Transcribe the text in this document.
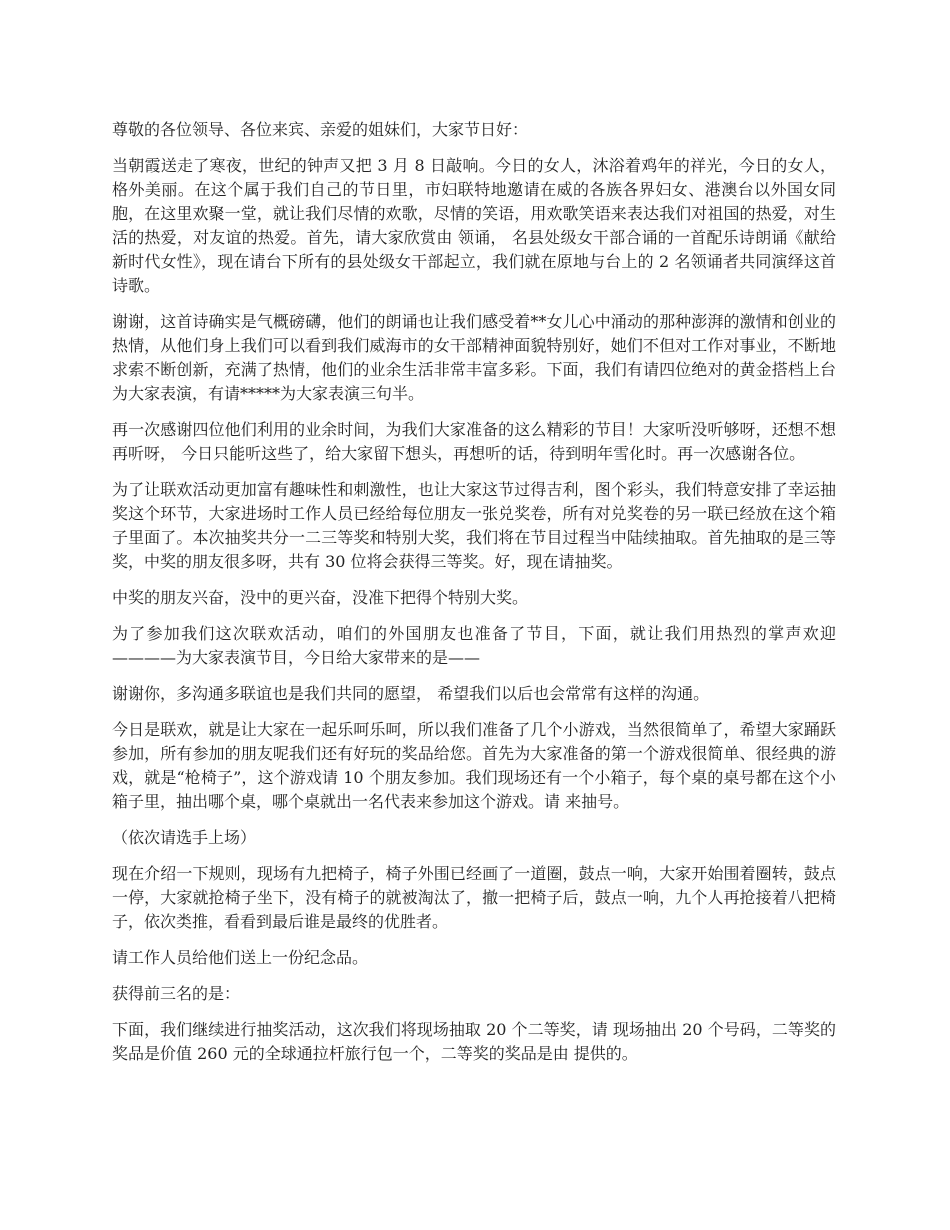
尊敬的各位领导、各位来宾、亲爱的姐妹们，大家节日好：

当朝霞送走了寒夜，世纪的钟声又把 3 月 8 日敲响。今日的女人，沐浴着鸡年的祥光，今日的女人，格外美丽。在这个属于我们自己的节日里，市妇联特地邀请在威的各族各界妇女、港澳台以外国女同胞，在这里欢聚一堂，就让我们尽情的欢歌，尽情的笑语，用欢歌笑语来表达我们对祖国的热爱，对生活的热爱，对友谊的热爱。首先，请大家欣赏由 领诵， 名县处级女干部合诵的一首配乐诗朗诵《献给新时代女性》，现在请台下所有的县处级女干部起立，我们就在原地与台上的 2 名领诵者共同演绎这首诗歌。

谢谢，这首诗确实是气概磅礴，他们的朗诵也让我们感受着**女儿心中涌动的那种澎湃的激情和创业的热情，从他们身上我们可以看到我们威海市的女干部精神面貌特别好，她们不但对工作对事业，不断地求索不断创新，充满了热情，他们的业余生活非常丰富多彩。下面，我们有请四位绝对的黄金搭档上台为大家表演，有请*****为大家表演三句半。

再一次感谢四位他们利用的业余时间，为我们大家准备的这么精彩的节目！大家听没听够呀，还想不想再听呀， 今日只能听这些了，给大家留下想头，再想听的话，待到明年雪化时。再一次感谢各位。

为了让联欢活动更加富有趣味性和刺激性，也让大家这节过得吉利，图个彩头，我们特意安排了幸运抽奖这个环节，大家进场时工作人员已经给每位朋友一张兑奖卷，所有对兑奖卷的另一联已经放在这个箱子里面了。本次抽奖共分一二三等奖和特别大奖，我们将在节目过程当中陆续抽取。首先抽取的是三等奖，中奖的朋友很多呀，共有 30 位将会获得三等奖。好，现在请抽奖。

中奖的朋友兴奋，没中的更兴奋，没准下把得个特别大奖。

为了参加我们这次联欢活动，咱们的外国朋友也准备了节目，下面，就让我们用热烈的掌声欢迎————为大家表演节目，今日给大家带来的是——

谢谢你，多沟通多联谊也是我们共同的愿望， 希望我们以后也会常常有这样的沟通。

今日是联欢，就是让大家在一起乐呵乐呵，所以我们准备了几个小游戏，当然很简单了，希望大家踊跃参加，所有参加的朋友呢我们还有好玩的奖品给您。首先为大家准备的第一个游戏很简单、很经典的游戏，就是“枪椅子”，这个游戏请 10 个朋友参加。我们现场还有一个小箱子，每个桌的桌号都在这个小箱子里，抽出哪个桌，哪个桌就出一名代表来参加这个游戏。请 来抽号。

（依次请选手上场）

现在介绍一下规则，现场有九把椅子，椅子外围已经画了一道圈，鼓点一响，大家开始围着圈转，鼓点一停，大家就抢椅子坐下，没有椅子的就被淘汰了，撤一把椅子后，鼓点一响，九个人再抢接着八把椅子，依次类推，看看到最后谁是最终的优胜者。

请工作人员给他们送上一份纪念品。

获得前三名的是：

下面，我们继续进行抽奖活动，这次我们将现场抽取 20 个二等奖，请 现场抽出 20 个号码，二等奖的奖品是价值 260 元的全球通拉杆旅行包一个，二等奖的奖品是由 提供的。
